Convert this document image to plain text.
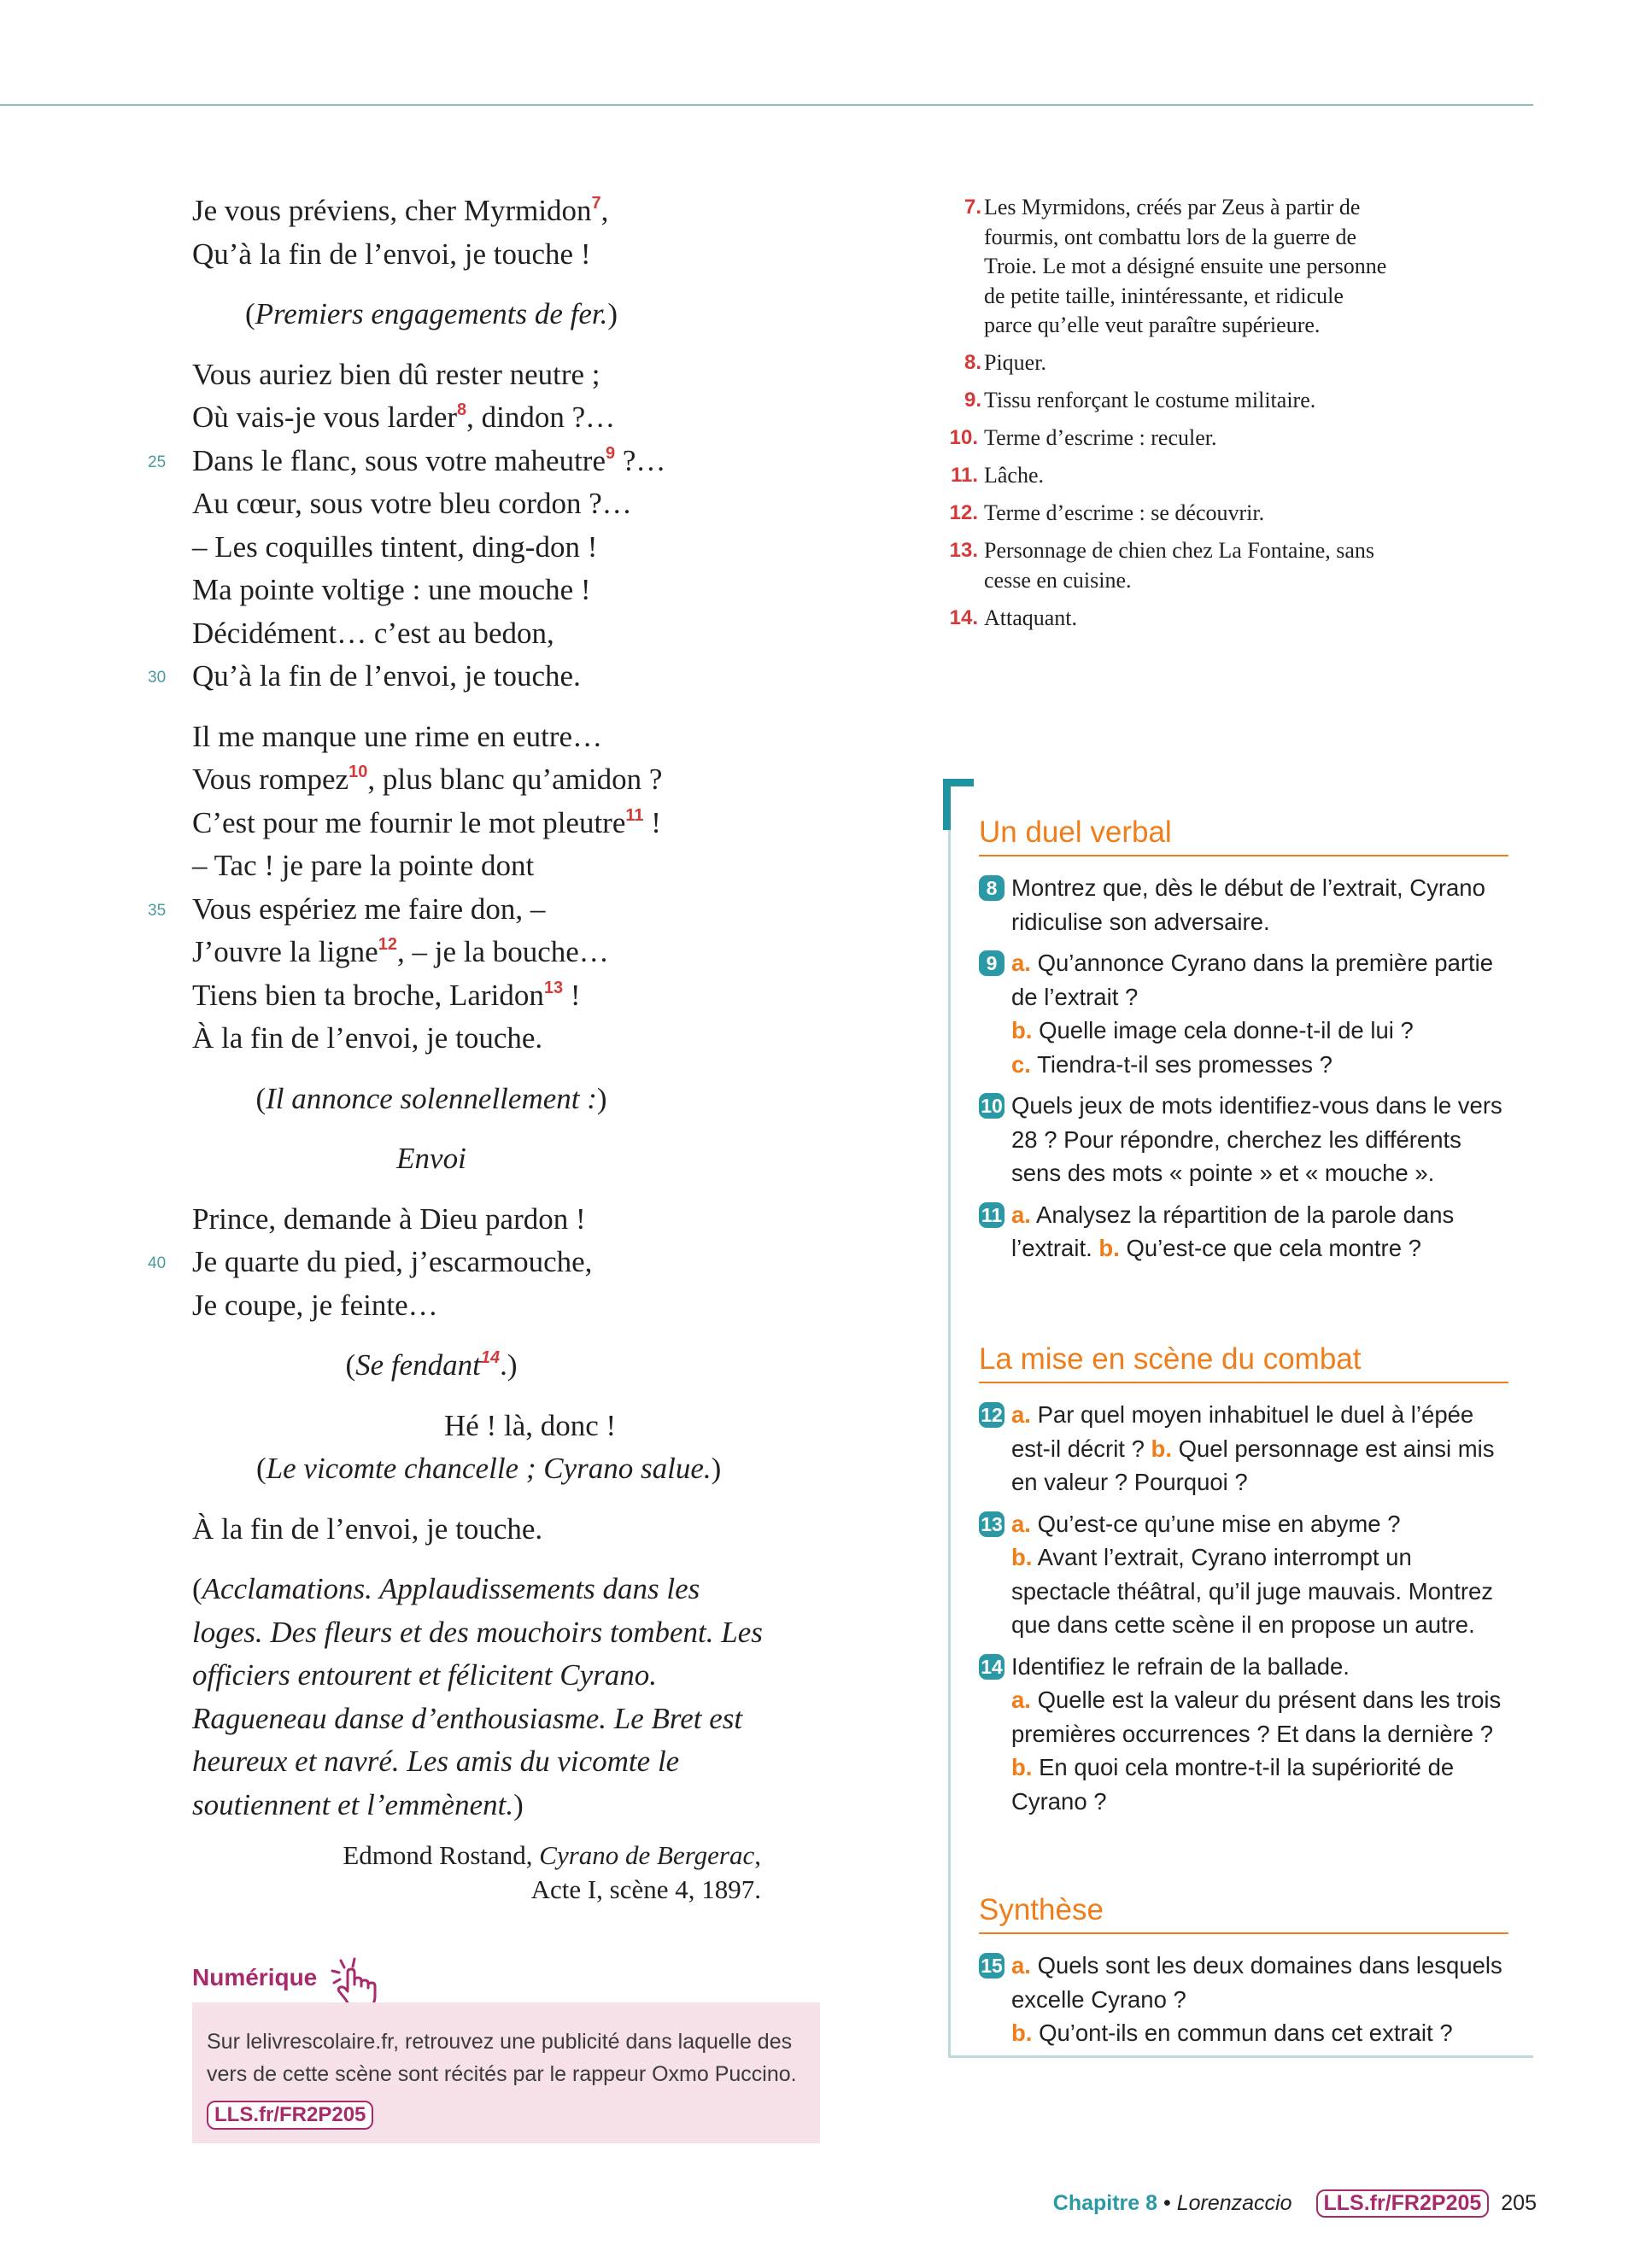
Je vous préviens, cher Myrmidon$^7$,
Qu’à la fin de l’envoi, je touche !
(Premiers engagements de fer.)
Vous auriez bien dû rester neutre ;
Où vais-je vous larder$^8$, dindon ?…
25 Dans le flanc, sous votre maheutre$^9$ ?…
Au cœur, sous votre bleu cordon ?…
– Les coquilles tintent, ding-don !
Ma pointe voltige : une mouche !
Décidément… c’est au bedon,
30 Qu’à la fin de l’envoi, je touche.
Il me manque une rime en eutre…
Vous rompez$^{10}$, plus blanc qu’amidon ?
C’est pour me fournir le mot pleutre$^{11}$ !
– Tac ! je pare la pointe dont
35 Vous espériez me faire don, –
J’ouvre la ligne$^{12}$, – je la bouche…
Tiens bien ta broche, Laridon$^{13}$ !
À la fin de l’envoi, je touche.
(Il annonce solennellement :)
Envoi
Prince, demande à Dieu pardon !
40 Je quarte du pied, j’escarmouche,
Je coupe, je feinte…
(Se fendant$^{14}$.)
Hé ! là, donc !
(Le vicomte chancelle ; Cyrano salue.)
À la fin de l’envoi, je touche.
(Acclamations. Applaudissements dans les loges. Des fleurs et des mouchoirs tombent. Les officiers entourent et félicitent Cyrano. Ragueneau danse d’enthousiasme. Le Bret est heureux et navré. Les amis du vicomte le soutiennent et l’emmènent.)
Edmond Rostand, Cyrano de Bergerac,
Acte I, scène 4, 1897.
7. Les Myrmidons, créés par Zeus à partir de fourmis, ont combattu lors de la guerre de Troie. Le mot a désigné ensuite une personne de petite taille, inintéressante, et ridicule parce qu’elle veut paraître supérieure.
8. Piquer.
9. Tissu renforçant le costume militaire.
10. Terme d’escrime : reculer.
11. Lâche.
12. Terme d’escrime : se découvrir.
13. Personnage de chien chez La Fontaine, sans cesse en cuisine.
14. Attaquant.
Un duel verbal
8 Montrez que, dès le début de l’extrait, Cyrano ridiculise son adversaire.
9 a. Qu’annonce Cyrano dans la première partie de l’extrait ?
b. Quelle image cela donne-t-il de lui ?
c. Tiendra-t-il ses promesses ?
10 Quels jeux de mots identifiez-vous dans le vers 28 ? Pour répondre, cherchez les différents sens des mots « pointe » et « mouche ».
11 a. Analysez la répartition de la parole dans l’extrait. b. Qu’est-ce que cela montre ?
La mise en scène du combat
12 a. Par quel moyen inhabituel le duel à l’épée est-il décrit ? b. Quel personnage est ainsi mis en valeur ? Pourquoi ?
13 a. Qu’est-ce qu’une mise en abyme ?
b. Avant l’extrait, Cyrano interrompt un spectacle théâtral, qu’il juge mauvais. Montrez que dans cette scène il en propose un autre.
14 Identifiez le refrain de la ballade.
a. Quelle est la valeur du présent dans les trois premières occurrences ? Et dans la dernière ? b. En quoi cela montre-t-il la supériorité de Cyrano ?
Synthèse
15 a. Quels sont les deux domaines dans lesquels excelle Cyrano ?
b. Qu’ont-ils en commun dans cet extrait ?
Numérique
Sur lelivrescolaire.fr, retrouvez une publicité dans laquelle des vers de cette scène sont récités par le rappeur Oxmo Puccino.
LLS.fr/FR2P205
Chapitre 8 • Lorenzaccio LLS.fr/FR2P205 205
